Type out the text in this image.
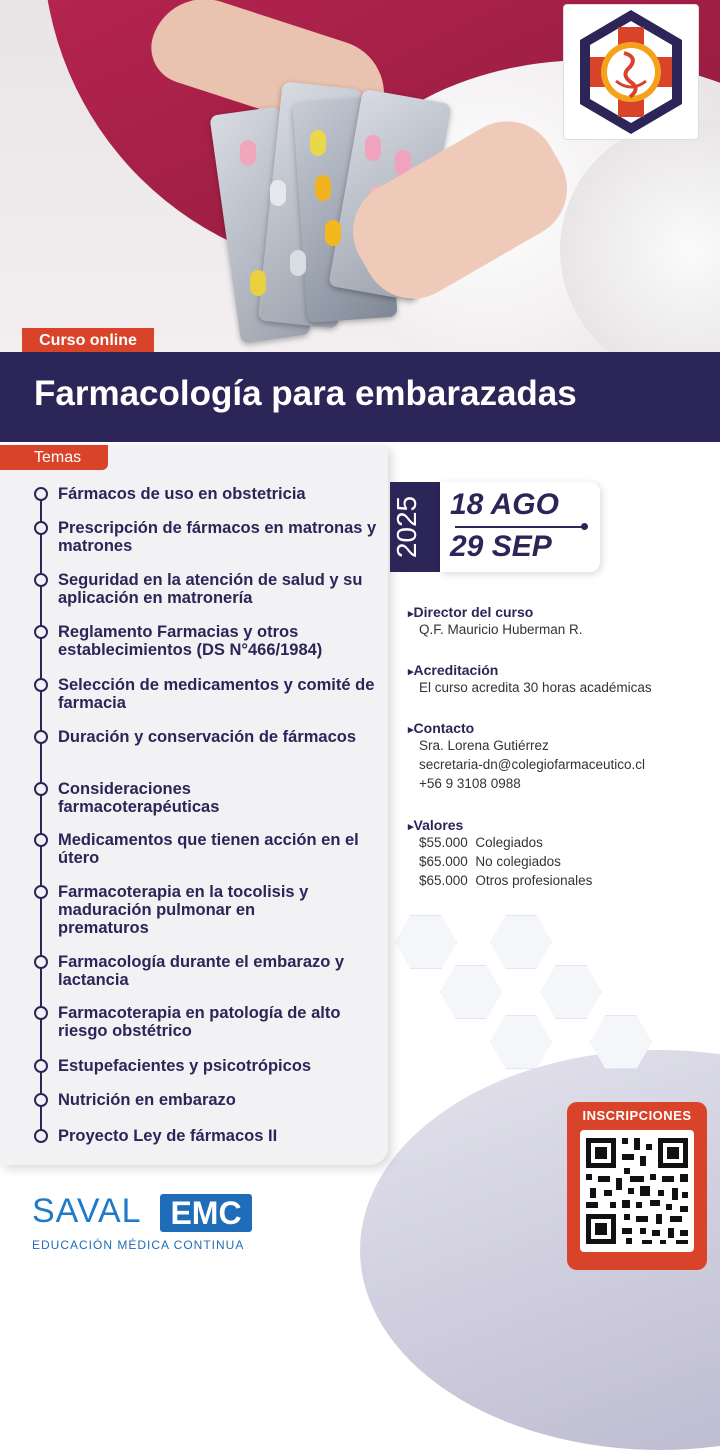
Curso online
Farmacología para embarazadas
Temas
Fármacos de uso en obstetricia
Prescripción de fármacos en matronas y matrones
Seguridad en la atención de salud y su aplicación en matronería
Reglamento Farmacias y otros establecimientos (DS N°466/1984)
Selección de medicamentos y comité de farmacia
Duración y conservación de fármacos
Consideraciones farmacoterapéuticas
Medicamentos que tienen acción en el útero
Farmacoterapia en la tocolisis y maduración pulmonar en prematuros
Farmacología durante el embarazo y lactancia
Farmacoterapia en patología de alto riesgo obstétrico
Estupefacientes y psicotrópicos
Nutrición en embarazo
Proyecto Ley de fármacos II
2025 18 AGO
29 SEP
▸ Director del curso
Q.F. Mauricio Huberman R.
▸ Acreditación
El curso acredita 30 horas académicas
▸ Contacto
Sra. Lorena Gutiérrez
secretaria-dn@colegiofarmaceutico.cl
+56 9 3108 0988
▸ Valores
$55.000 Colegiados
$65.000 No colegiados
$65.000 Otros profesionales
INSCRIPCIONES
SAVAL EMC
EDUCACIÓN MÉDICA CONTINUA
